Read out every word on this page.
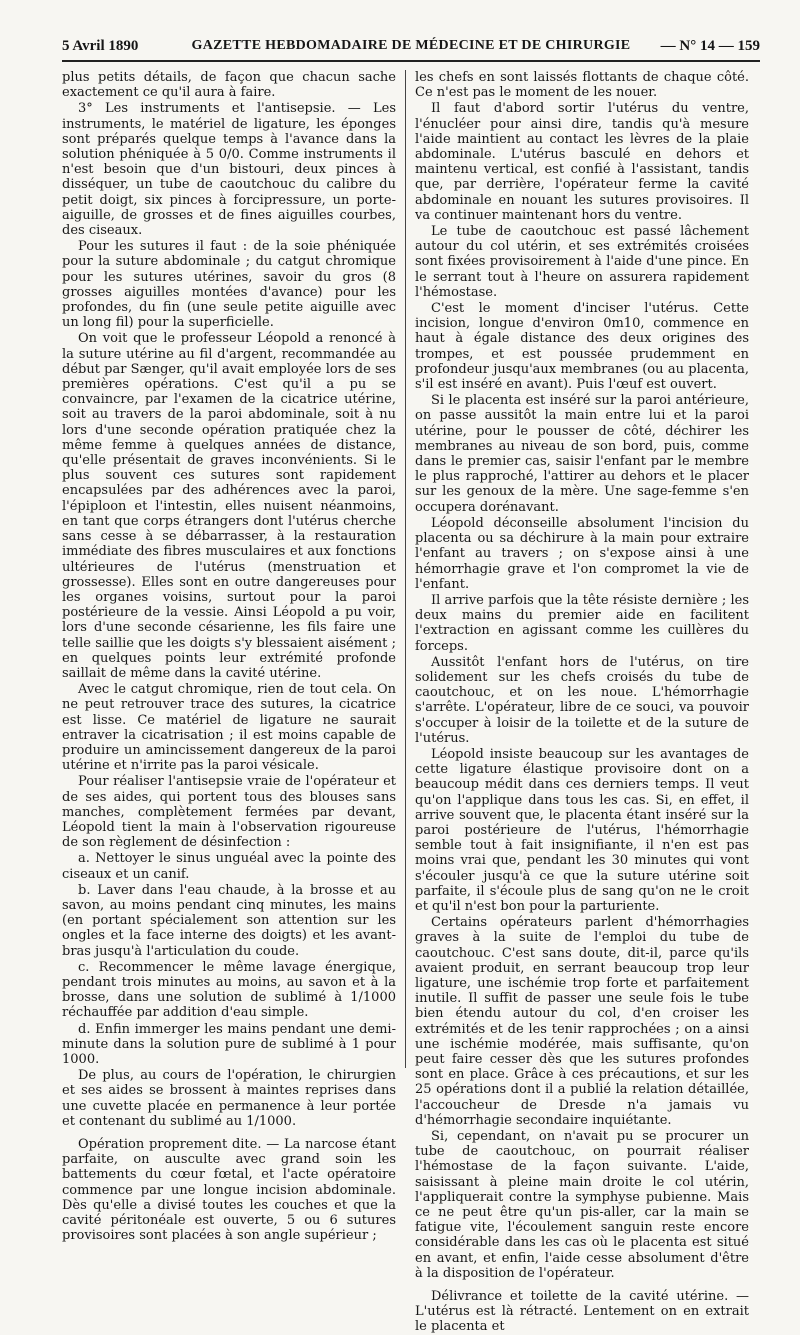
5 Avril 1890	GAZETTE HEBDOMADAIRE DE MÉDECINE ET DE CHIRURGIE	— N° 14 — 159

plus petits détails, de façon que chacun sache exactement ce qu'il aura à faire.

3° Les instruments et l'antisepsie. — Les instruments, le matériel de ligature, les éponges sont préparés quelque temps à l'avance dans la solution phéniquée à 5 0/0. Comme instruments il n'est besoin que d'un bistouri, deux pinces à disséquer, un tube de caoutchouc du calibre du petit doigt, six pinces à forcipressure, un porte-aiguille, de grosses et de fines aiguilles courbes, des ciseaux.

Pour les sutures il faut : de la soie phéniquée pour la suture abdominale ; du catgut chromique pour les sutures utérines, savoir du gros (8 grosses aiguilles montées d'avance) pour les profondes, du fin (une seule petite aiguille avec un long fil) pour la superficielle.

On voit que le professeur Léopold a renoncé à la suture utérine au fil d'argent, recommandée au début par Sænger, qu'il avait employée lors de ses premières opérations. C'est qu'il a pu se convaincre, par l'examen de la cicatrice utérine, soit au travers de la paroi abdominale, soit à nu lors d'une seconde opération pratiquée chez la même femme à quelques années de distance, qu'elle présentait de graves inconvénients. Si le plus souvent ces sutures sont rapidement encapsulées par des adhérences avec la paroi, l'épiploon et l'intestin, elles nuisent néanmoins, en tant que corps étrangers dont l'utérus cherche sans cesse à se débarrasser, à la restauration immédiate des fibres musculaires et aux fonctions ultérieures de l'utérus (menstruation et grossesse). Elles sont en outre dangereuses pour les organes voisins, surtout pour la paroi postérieure de la vessie. Ainsi Léopold a pu voir, lors d'une seconde césarienne, les fils faire une telle saillie que les doigts s'y blessaient aisément ; en quelques points leur extrémité profonde saillait de même dans la cavité utérine.

Avec le catgut chromique, rien de tout cela. On ne peut retrouver trace des sutures, la cicatrice est lisse. Ce matériel de ligature ne saurait entraver la cicatrisation ; il est moins capable de produire un amincissement dangereux de la paroi utérine et n'irrite pas la paroi vésicale.

Pour réaliser l'antisepsie vraie de l'opérateur et de ses aides, qui portent tous des blouses sans manches, complètement fermées par devant, Léopold tient la main à l'observation rigoureuse de son règlement de désinfection :

a. Nettoyer le sinus unguéal avec la pointe des ciseaux et un canif.

b. Laver dans l'eau chaude, à la brosse et au savon, au moins pendant cinq minutes, les mains (en portant spécialement son attention sur les ongles et la face interne des doigts) et les avant-bras jusqu'à l'articulation du coude.

c. Recommencer le même lavage énergique, pendant trois minutes au moins, au savon et à la brosse, dans une solution de sublimé à 1/1000 réchauffée par addition d'eau simple.

d. Enfin immerger les mains pendant une demi-minute dans la solution pure de sublimé à 1 pour 1000.

De plus, au cours de l'opération, le chirurgien et ses aides se brossent à maintes reprises dans une cuvette placée en permanence à leur portée et contenant du sublimé au 1/1000.

Opération proprement dite. — La narcose étant parfaite, on ausculte avec grand soin les battements du cœur fœtal, et l'acte opératoire commence par une longue incision abdominale. Dès qu'elle a divisé toutes les couches et que la cavité péritonéale est ouverte, 5 ou 6 sutures provisoires sont placées à son angle supérieur ;

les chefs en sont laissés flottants de chaque côté. Ce n'est pas le moment de les nouer.

Il faut d'abord sortir l'utérus du ventre, l'énucléer pour ainsi dire, tandis qu'à mesure l'aide maintient au contact les lèvres de la plaie abdominale. L'utérus basculé en dehors et maintenu vertical, est confié à l'assistant, tandis que, par derrière, l'opérateur ferme la cavité abdominale en nouant les sutures provisoires. Il va continuer maintenant hors du ventre.

Le tube de caoutchouc est passé lâchement autour du col utérin, et ses extrémités croisées sont fixées provisoirement à l'aide d'une pince. En le serrant tout à l'heure on assurera rapidement l'hémostase.

C'est le moment d'inciser l'utérus. Cette incision, longue d'environ 0m10, commence en haut à égale distance des deux origines des trompes, et est poussée prudemment en profondeur jusqu'aux membranes (ou au placenta, s'il est inséré en avant). Puis l'œuf est ouvert.

Si le placenta est inséré sur la paroi antérieure, on passe aussitôt la main entre lui et la paroi utérine, pour le pousser de côté, déchirer les membranes au niveau de son bord, puis, comme dans le premier cas, saisir l'enfant par le membre le plus rapproché, l'attirer au dehors et le placer sur les genoux de la mère. Une sage-femme s'en occupera dorénavant.

Léopold déconseille absolument l'incision du placenta ou sa déchirure à la main pour extraire l'enfant au travers ; on s'expose ainsi à une hémorrhagie grave et l'on compromet la vie de l'enfant.

Il arrive parfois que la tête résiste dernière ; les deux mains du premier aide en facilitent l'extraction en agissant comme les cuillères du forceps.

Aussitôt l'enfant hors de l'utérus, on tire solidement sur les chefs croisés du tube de caoutchouc, et on les noue. L'hémorrhagie s'arrête. L'opérateur, libre de ce souci, va pouvoir s'occuper à loisir de la toilette et de la suture de l'utérus.

Léopold insiste beaucoup sur les avantages de cette ligature élastique provisoire dont on a beaucoup médit dans ces derniers temps. Il veut qu'on l'applique dans tous les cas. Si, en effet, il arrive souvent que, le placenta étant inséré sur la paroi postérieure de l'utérus, l'hémorrhagie semble tout à fait insignifiante, il n'en est pas moins vrai que, pendant les 30 minutes qui vont s'écouler jusqu'à ce que la suture utérine soit parfaite, il s'écoule plus de sang qu'on ne le croit et qu'il n'est bon pour la parturiente.

Certains opérateurs parlent d'hémorrhagies graves à la suite de l'emploi du tube de caoutchouc. C'est sans doute, dit-il, parce qu'ils avaient produit, en serrant beaucoup trop leur ligature, une ischémie trop forte et parfaitement inutile. Il suffit de passer une seule fois le tube bien étendu autour du col, d'en croiser les extrémités et de les tenir rapprochées ; on a ainsi une ischémie modérée, mais suffisante, qu'on peut faire cesser dès que les sutures profondes sont en place. Grâce à ces précautions, et sur les 25 opérations dont il a publié la relation détaillée, l'accoucheur de Dresde n'a jamais vu d'hémorrhagie secondaire inquiétante.

Si, cependant, on n'avait pu se procurer un tube de caoutchouc, on pourrait réaliser l'hémostase de la façon suivante. L'aide, saisissant à pleine main droite le col utérin, l'appliquerait contre la symphyse pubienne. Mais ce ne peut être qu'un pis-aller, car la main se fatigue vite, l'écoulement sanguin reste encore considérable dans les cas où le placenta est situé en avant, et enfin, l'aide cesse absolument d'être à la disposition de l'opérateur.

Délivrance et toilette de la cavité utérine. — L'utérus est là rétracté. Lentement on en extrait le placenta et
